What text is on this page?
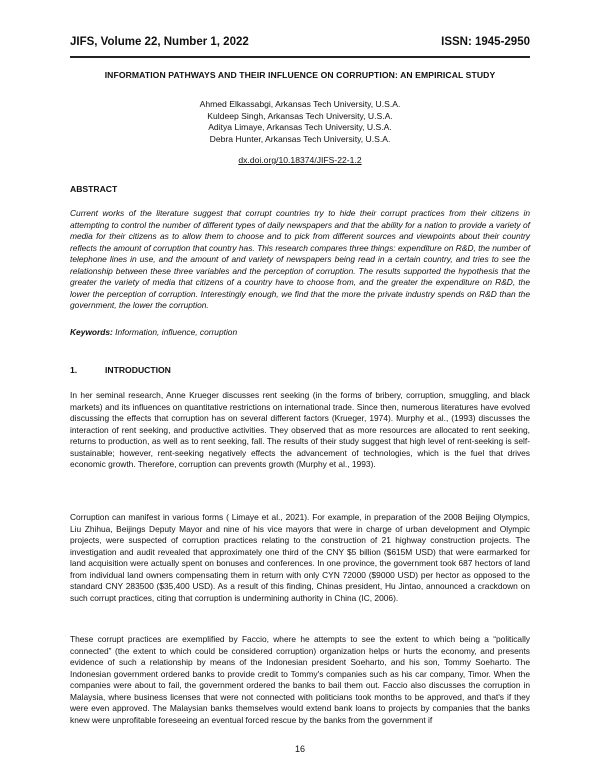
JIFS, Volume 22, Number 1, 2022	ISSN: 1945-2950
INFORMATION PATHWAYS AND THEIR INFLUENCE ON CORRUPTION: AN EMPIRICAL STUDY
Ahmed Elkassabgi, Arkansas Tech University, U.S.A.
Kuldeep Singh, Arkansas Tech University, U.S.A.
Aditya Limaye, Arkansas Tech University, U.S.A.
Debra Hunter, Arkansas Tech University, U.S.A.
dx.doi.org/10.18374/JIFS-22-1.2
ABSTRACT
Current works of the literature suggest that corrupt countries try to hide their corrupt practices from their citizens in attempting to control the number of different types of daily newspapers and that the ability for a nation to provide a variety of media for their citizens as to allow them to choose and to pick from different sources and viewpoints about their country reflects the amount of corruption that country has. This research compares three things: expenditure on R&D, the number of telephone lines in use, and the amount of and variety of newspapers being read in a certain country, and tries to see the relationship between these three variables and the perception of corruption. The results supported the hypothesis that the greater the variety of media that citizens of a country have to choose from, and the greater the expenditure on R&D, the lower the perception of corruption. Interestingly enough, we find that the more the private industry spends on R&D than the government, the lower the corruption.
Keywords: Information, influence, corruption
1.	INTRODUCTION
In her seminal research, Anne Krueger discusses rent seeking (in the forms of bribery, corruption, smuggling, and black markets) and its influences on quantitative restrictions on international trade. Since then, numerous literatures have evolved discussing the effects that corruption has on several different factors (Krueger, 1974). Murphy et al., (1993) discusses the interaction of rent seeking, and productive activities. They observed that as more resources are allocated to rent seeking, returns to production, as well as to rent seeking, fall. The results of their study suggest that high level of rent-seeking is self-sustainable; however, rent-seeking negatively effects the advancement of technologies, which is the fuel that drives economic growth. Therefore, corruption can prevents growth (Murphy et al., 1993).
Corruption can manifest in various forms ( Limaye et al., 2021). For example, in preparation of the 2008 Beijing Olympics, Liu Zhihua, Beijings Deputy Mayor and nine of his vice mayors that were in charge of urban development and Olympic projects, were suspected of corruption practices relating to the construction of 21 highway construction projects. The investigation and audit revealed that approximately one third of the CNY $5 billion ($615M USD) that were earmarked for land acquisition were actually spent on bonuses and conferences. In one province, the government took 687 hectors of land from individual land owners compensating them in return with only CYN 72000 ($9000 USD) per hector as opposed to the standard CNY 283500 ($35,400 USD). As a result of this finding, Chinas president, Hu Jintao, announced a crackdown on such corrupt practices, citing that corruption is undermining authority in China (IC, 2006).
These corrupt practices are exemplified by Faccio, where he attempts to see the extent to which being a “politically connected” (the extent to which could be considered corruption) organization helps or hurts the economy, and presents evidence of such a relationship by means of the Indonesian president Soeharto, and his son, Tommy Soeharto. The Indonesian government ordered banks to provide credit to Tommy's companies such as his car company, Timor. When the companies were about to fail, the government ordered the banks to bail them out. Faccio also discusses the corruption in Malaysia, where business licenses that were not connected with politicians took months to be approved, and that's if they were even approved. The Malaysian banks themselves would extend bank loans to projects by companies that the banks knew were unprofitable foreseeing an eventual forced rescue by the banks from the government if
16
